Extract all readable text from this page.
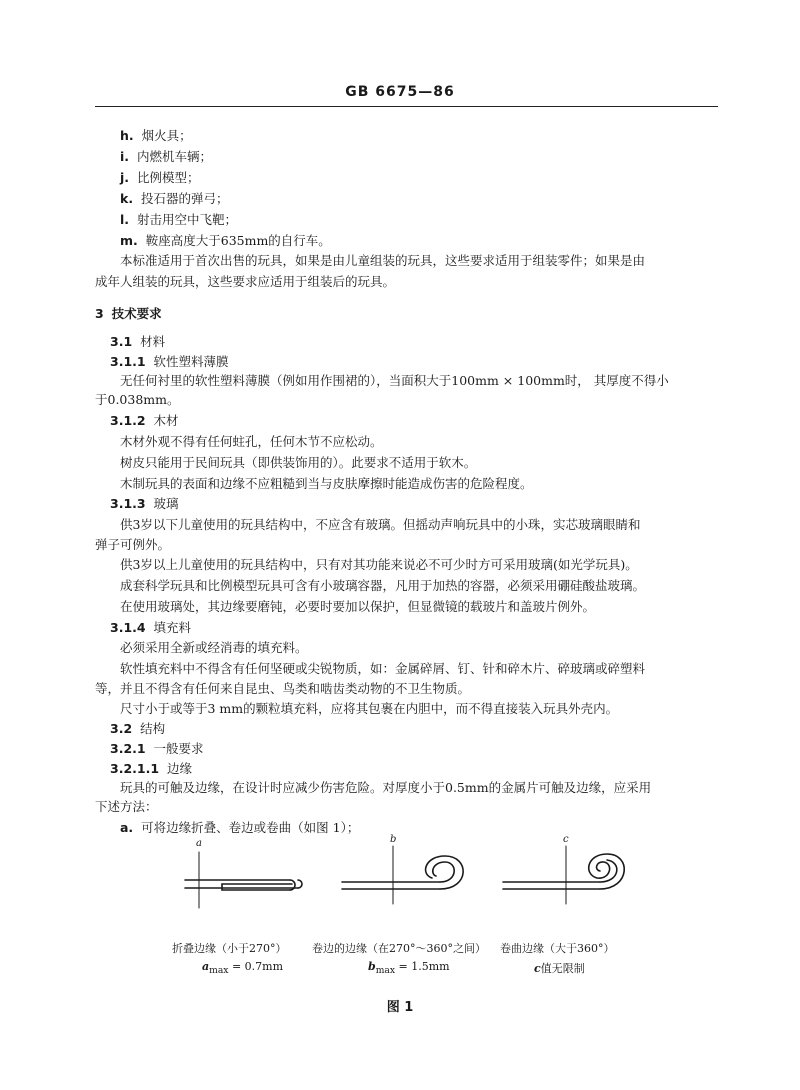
GB 6675—86
h. 烟火具；
i. 内燃机车辆；
j. 比例模型；
k. 投石器的弹弓；
l. 射击用空中飞靶；
m. 鞍座高度大于635mm的自行车。
本标准适用于首次出售的玩具，如果是由儿童组装的玩具，这些要求适用于组装零件；如果是由
成年人组装的玩具，这些要求应适用于组装后的玩具。
3 技术要求
3.1 材料
3.1.1 软性塑料薄膜
无任何衬里的软性塑料薄膜（例如用作围裙的），当面积大于100mm × 100mm时， 其厚度不得小
于0.038mm。
3.1.2 木材
木材外观不得有任何蛀孔，任何木节不应松动。
树皮只能用于民间玩具（即供装饰用的）。此要求不适用于软木。
木制玩具的表面和边缘不应粗糙到当与皮肤摩擦时能造成伤害的危险程度。
3.1.3 玻璃
供3岁以下儿童使用的玩具结构中，不应含有玻璃。但摇动声响玩具中的小珠，实芯玻璃眼睛和
弹子可例外。
供3岁以上儿童使用的玩具结构中，只有对其功能来说必不可少时方可采用玻璃(如光学玩具)。
成套科学玩具和比例模型玩具可含有小玻璃容器，凡用于加热的容器，必须采用硼硅酸盐玻璃。
在使用玻璃处，其边缘要磨钝，必要时要加以保护，但显微镜的载玻片和盖玻片例外。
3.1.4 填充料
必须采用全新或经消毒的填充料。
软性填充料中不得含有任何坚硬或尖锐物质，如：金属碎屑、钉、针和碎木片、碎玻璃或碎塑料
等，并且不得含有任何来自昆虫、鸟类和啮齿类动物的不卫生物质。
尺寸小于或等于3 mm的颗粒填充料，应将其包裹在内胆中，而不得直接装入玩具外壳内。
3.2 结构
3.2.1 一般要求
3.2.1.1 边缘
玩具的可触及边缘，在设计时应减少伤害危险。对厚度小于0.5mm的金属片可触及边缘，应采用
下述方法：
a. 可将边缘折叠、卷边或卷曲（如图 1）；
a	b	c
折叠边缘（小于270°）
$a_{max} = 0.7mm$
卷边的边缘（在270°～360°之间）
$b_{max} = 1.5mm$
卷曲边缘（大于360°）
c值无限制
图 1
